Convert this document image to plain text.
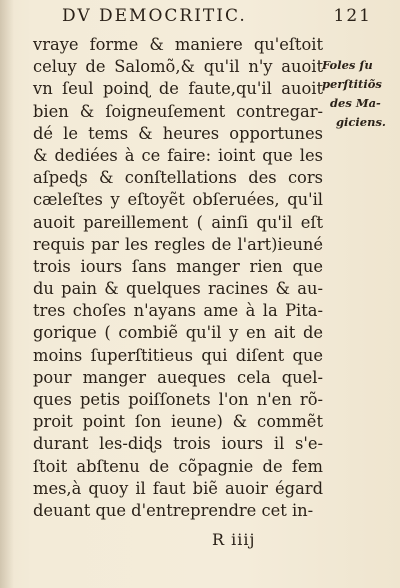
DV DEMOCRITIC.	121
vraye forme & maniere qu'eſtoit
celuy de Salomõ,& qu'il n'y auoit
vn ſeul poinɖ de faute,qu'il auoit
bien & ſoigneuſement contregar-
dé le tems & heures opportunes
& dediées à ce faire: ioint que les
aſpeɖs & conſtellations des cors
cæleſtes y eſtoyẽt obſeruées, qu'il
auoit pareillement ( ainſi qu'il eſt
requis par les regles de l'art)ieuné
trois iours ſans manger rien que
du pain & quelques racines & au-
tres choſes n'ayans ame à la Pita-
gorique ( combiẽ qu'il y en ait de
moins ſuperſtitieus qui diſent que
pour manger aueques cela quel-
ques petis poiſſonets l'on n'en rõ-
proit point ſon ieune) & commẽt
durant les-diɖs trois iours il s'e-
ſtoit abſtenu de cõpagnie de fem
mes,à quoy il faut biẽ auoir égard
deuant que d'entreprendre cet in-
Foles ſu
perſtitiõs
des Ma-
giciens.
R iiij
